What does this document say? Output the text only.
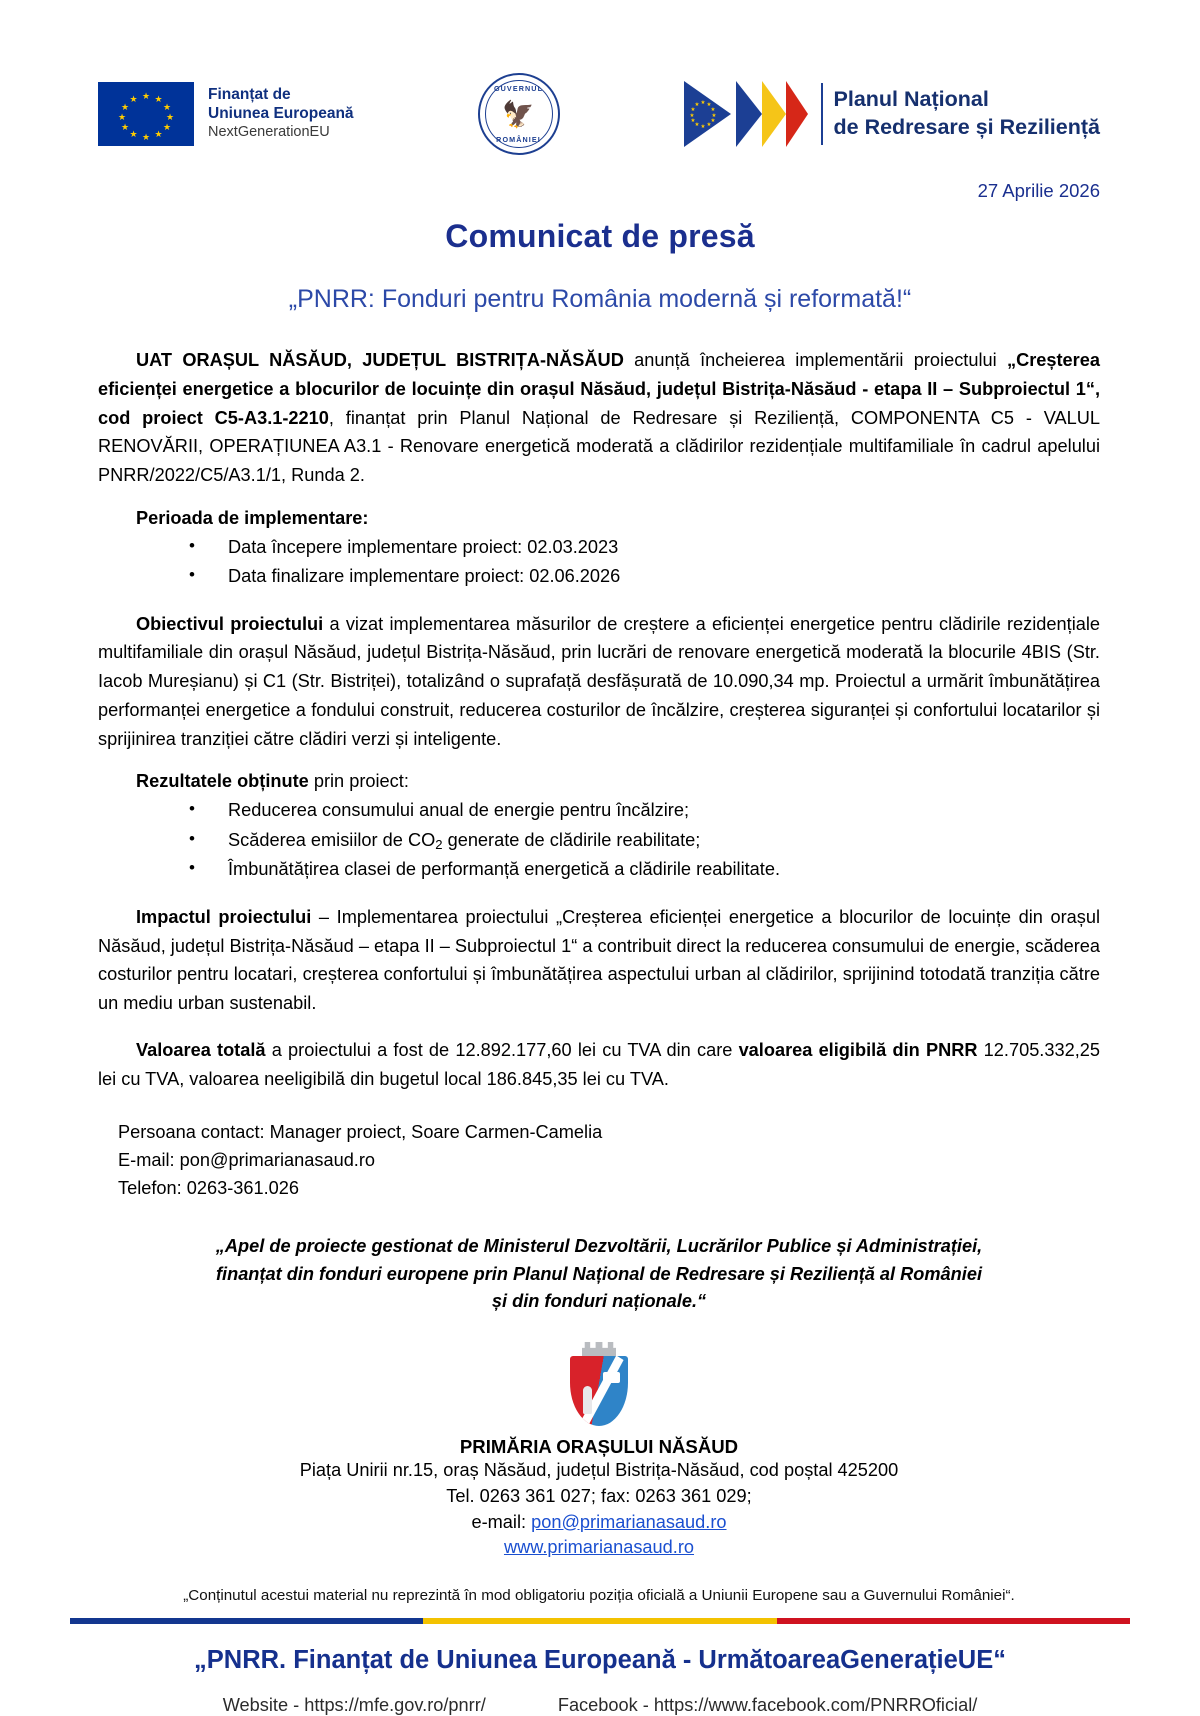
★ ★
★
★
★
★
★
★
★
★
★
★	Finanțat de
Uniunea Europeană
NextGenerationEU
GUVERNUL
🦅
ROMÂNIEI
★ ★
★
★
★
★
★
★
★
★
★
★	Planul Național
de Redresare și Reziliență
27 Aprilie 2026
Comunicat de presă
„PNRR: Fonduri pentru România modernă și reformată!“

UAT ORAȘUL NĂSĂUD, JUDEȚUL BISTRIȚA-NĂSĂUD anunță încheierea implementării proiectului „Creșterea eficienței energetice a blocurilor de locuințe din orașul Năsăud, județul Bistrița-Năsăud - etapa II – Subproiectul 1“, cod proiect C5-A3.1-2210, finanțat prin Planul Național de Redresare și Reziliență, COMPONENTA C5 - VALUL RENOVĂRII, OPERAȚIUNEA A3.1 - Renovare energetică moderată a clădirilor rezidențiale multifamiliale în cadrul apelului PNRR/2022/C5/A3.1/1, Runda 2.

Perioada de implementare:
• Data începere implementare proiect: 02.03.2023
• Data finalizare implementare proiect: 02.06.2026

Obiectivul proiectului a vizat implementarea măsurilor de creștere a eficienței energetice pentru clădirile rezidențiale multifamiliale din orașul Năsăud, județul Bistrița-Năsăud, prin lucrări de renovare energetică moderată la blocurile 4BIS (Str. Iacob Mureșianu) și C1 (Str. Bistriței), totalizând o suprafață desfășurată de 10.090,34 mp. Proiectul a urmărit îmbunătățirea performanței energetice a fondului construit, reducerea costurilor de încălzire, creșterea siguranței și confortului locatarilor și sprijinirea tranziției către clădiri verzi și inteligente.

Rezultatele obținute prin proiect:
• Reducerea consumului anual de energie pentru încălzire;
• Scăderea emisiilor de $CO_2$ generate de clădirile reabilitate;
• Îmbunătățirea clasei de performanță energetică a clădirile reabilitate.

Impactul proiectului – Implementarea proiectului „Creșterea eficienței energetice a blocurilor de locuințe din orașul Năsăud, județul Bistrița-Năsăud – etapa II – Subproiectul 1“ a contribuit direct la reducerea consumului de energie, scăderea costurilor pentru locatari, creșterea confortului și îmbunătățirea aspectului urban al clădirilor, sprijinind totodată tranziția către un mediu urban sustenabil.

Valoarea totală a proiectului a fost de 12.892.177,60 lei cu TVA din care valoarea eligibilă din PNRR 12.705.332,25 lei cu TVA, valoarea neeligibilă din bugetul local 186.845,35 lei cu TVA.

Persoana contact: Manager proiect, Soare Carmen-Camelia
E-mail: pon@primarianasaud.ro
Telefon: 0263-361.026
„Apel de proiecte gestionat de Ministerul Dezvoltării, Lucrărilor Publice și Administrației,
finanțat din fonduri europene prin Planul Național de Redresare și Reziliență al României
și din fonduri naționale.“
PRIMĂRIA ORAȘULUI NĂSĂUD
Piața Unirii nr.15, oraș Năsăud, județul Bistrița-Năsăud, cod poștal 425200
Tel. 0263 361 027; fax: 0263 361 029;
e-mail: pon@primarianasaud.ro
www.primarianasaud.ro
„Conținutul acestui material nu reprezintă în mod obligatoriu poziția oficială a Uniunii Europene sau a Guvernului României“.
„PNRR. Finanțat de Uniunea Europeană - UrmătoareaGenerațieUE“
Website - https://mfe.gov.ro/pnrr/	Facebook - https://www.facebook.com/PNRROficial/
